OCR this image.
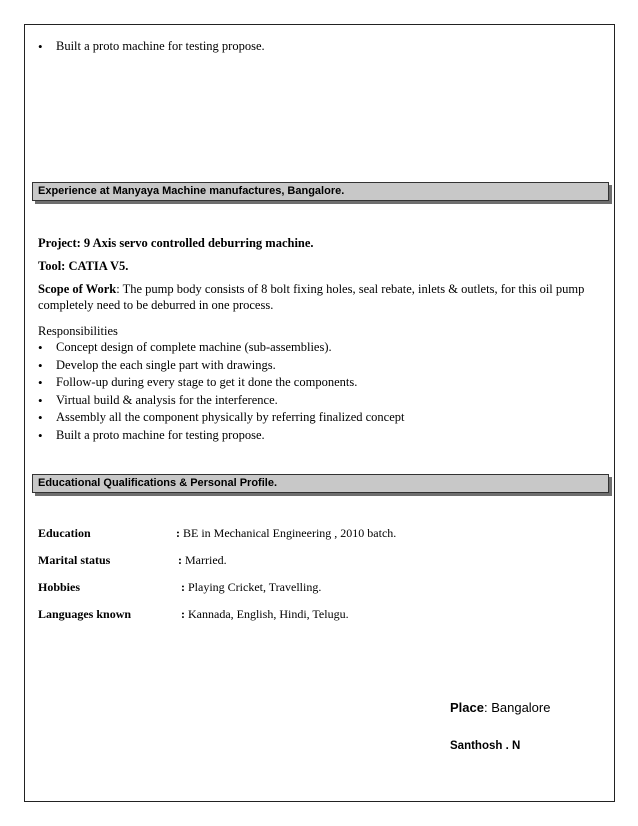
• Built a proto machine for testing propose.
Experience at Manyaya Machine manufactures, Bangalore.
Project: 9 Axis servo controlled deburring machine.
Tool: CATIA V5.
Scope of Work: The pump body consists of 8 bolt fixing holes, seal rebate, inlets & outlets, for this oil pump completely need to be deburred in one process.
Responsibilities
• Concept design of complete machine (sub-assemblies).
• Develop the each single part with drawings.
• Follow-up during every stage to get it done the components.
• Virtual build & analysis for the interference.
• Assembly all the component physically by referring finalized concept
• Built a proto machine for testing propose.
Educational Qualifications & Personal Profile.
Education	: BE in Mechanical Engineering , 2010 batch.
Marital status	: Married.
Hobbies	: Playing Cricket, Travelling.
Languages known	: Kannada, English, Hindi, Telugu.
Place: Bangalore
Santhosh . N
